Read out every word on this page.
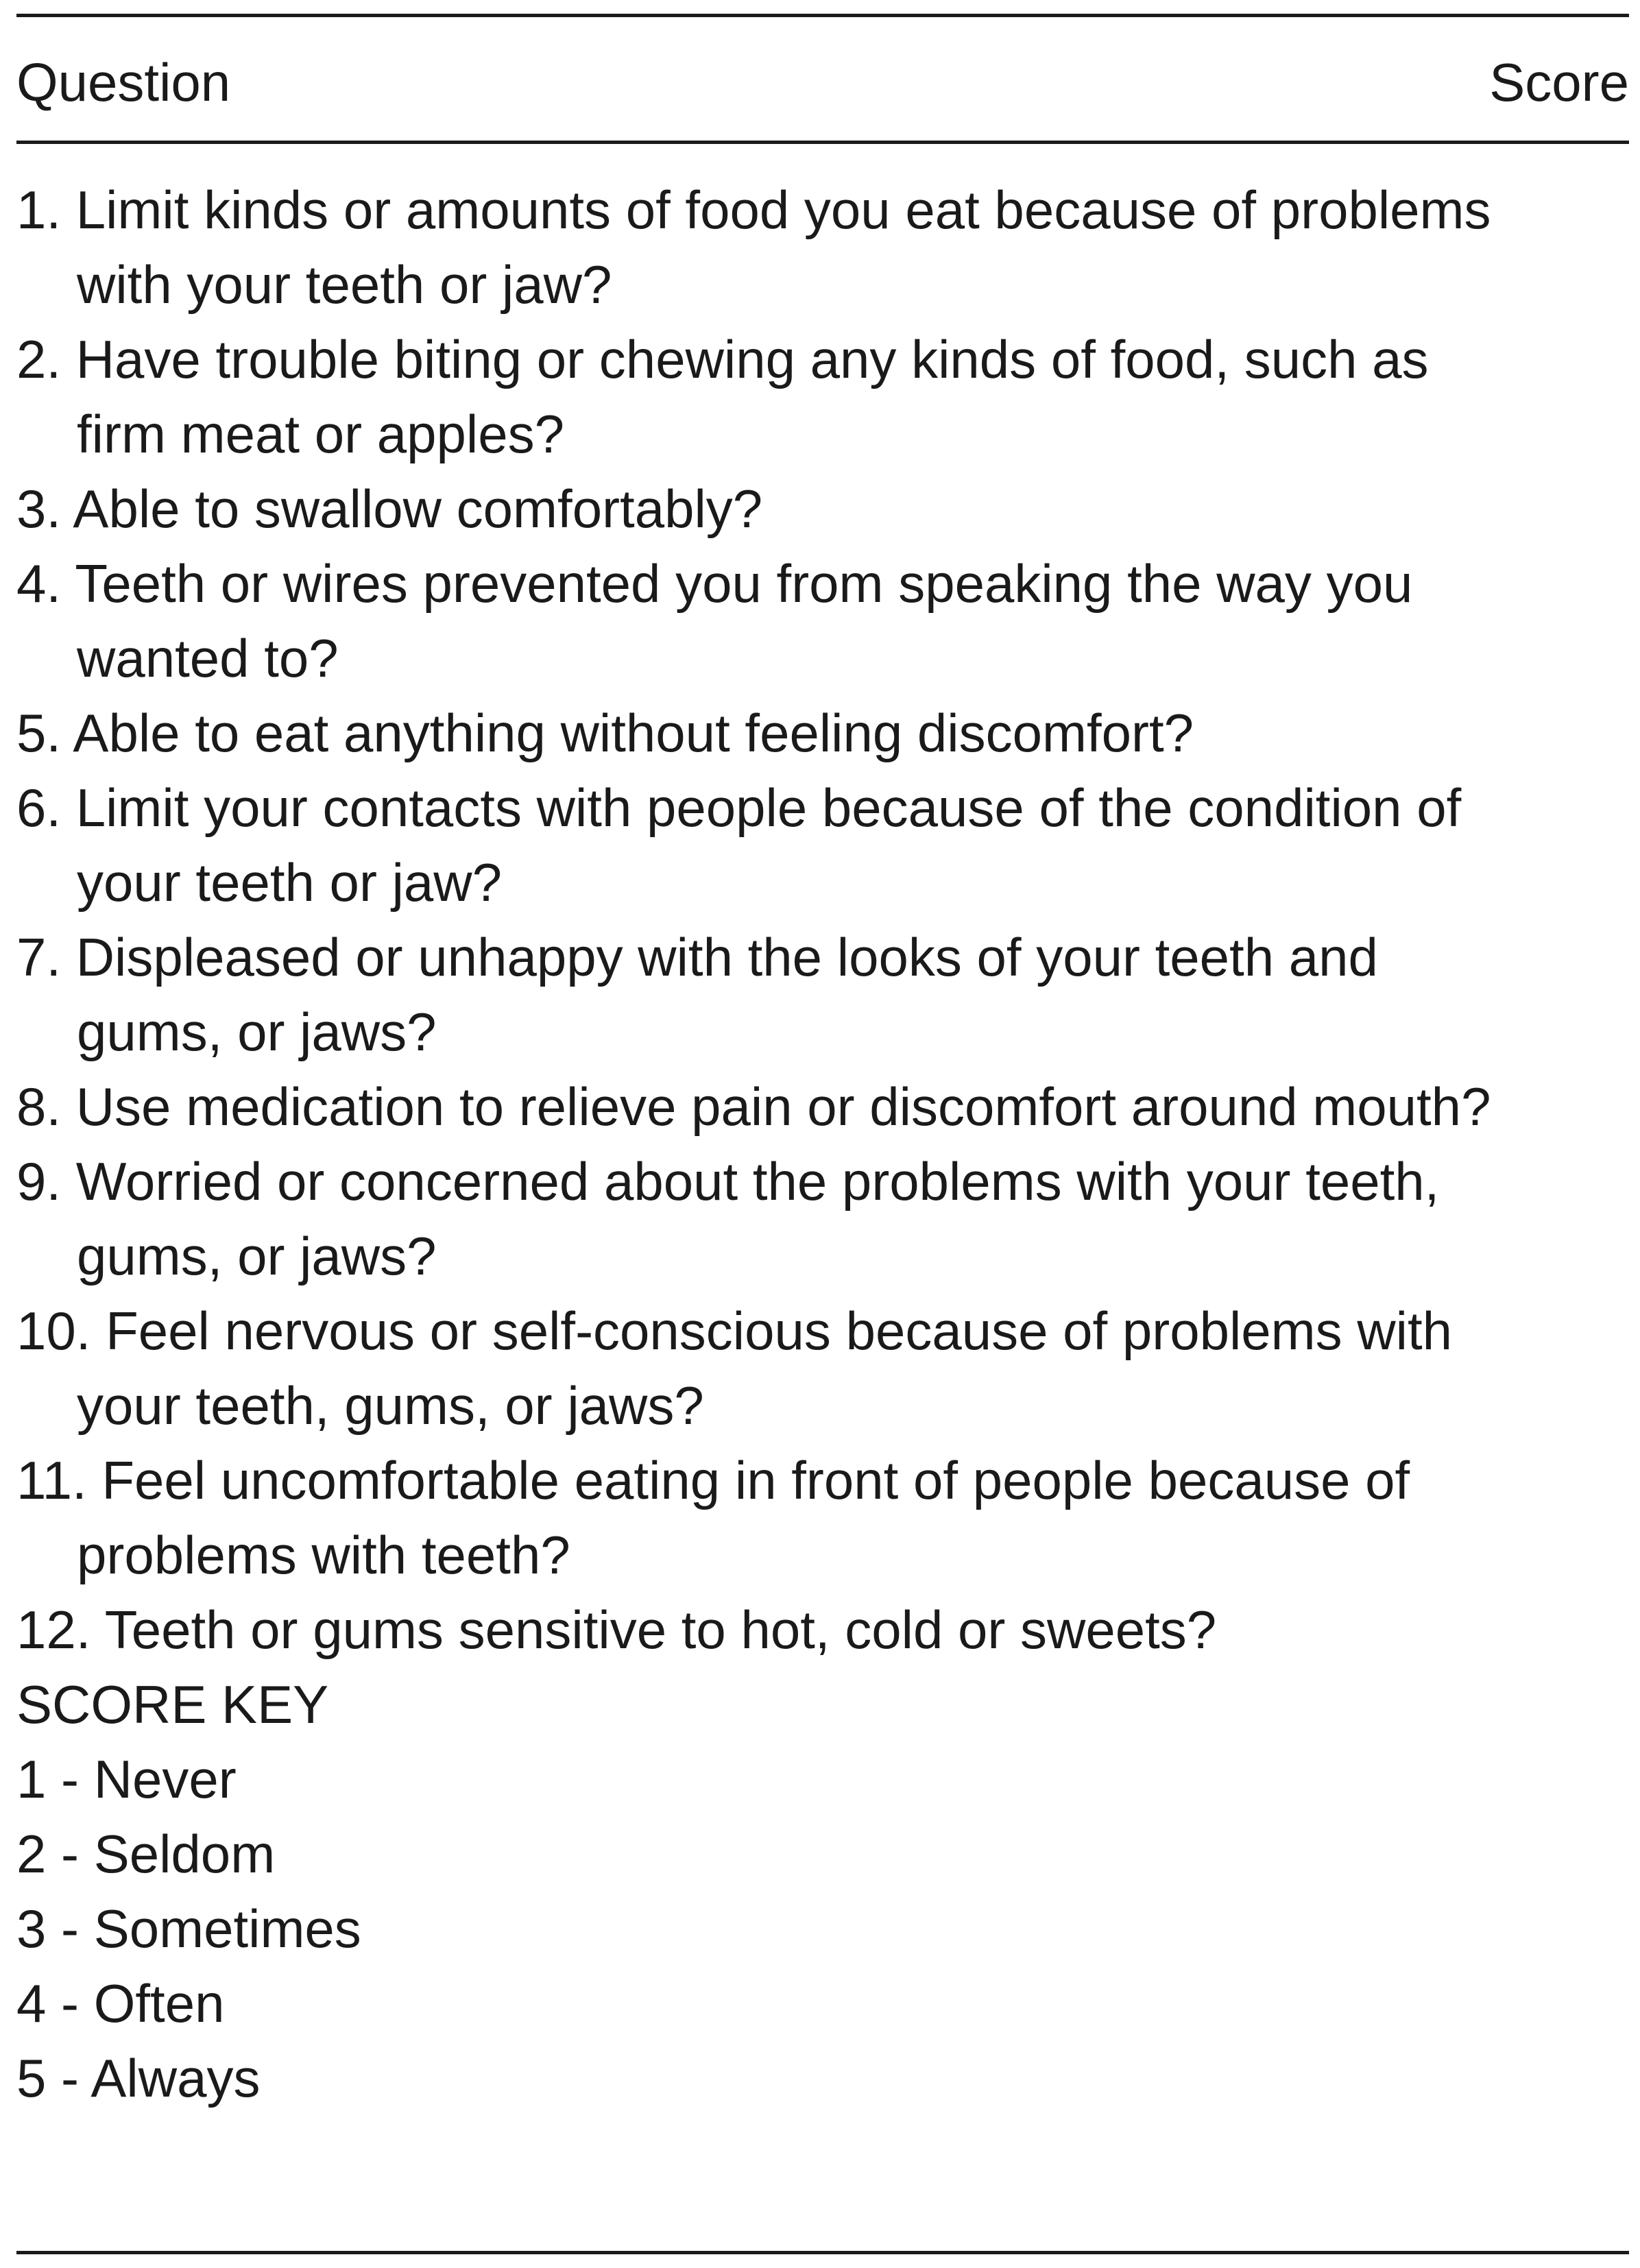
Question	Score

1. Limit kinds or amounts of food you eat because of problems with your teeth or jaw?

2. Have trouble biting or chewing any kinds of food, such as firm meat or apples?

3. Able to swallow comfortably?

4. Teeth or wires prevented you from speaking the way you wanted to?

5. Able to eat anything without feeling discomfort?

6. Limit your contacts with people because of the condition of your teeth or jaw?

7. Displeased or unhappy with the looks of your teeth and gums, or jaws?

8. Use medication to relieve pain or discomfort around mouth?

9. Worried or concerned about the problems with your teeth, gums, or jaws?

10. Feel nervous or self-conscious because of problems with your teeth, gums, or jaws?

11. Feel uncomfortable eating in front of people because of problems with teeth?

12. Teeth or gums sensitive to hot, cold or sweets?

SCORE KEY

1 - Never

2 - Seldom

3 - Sometimes

4 - Often

5 - Always
